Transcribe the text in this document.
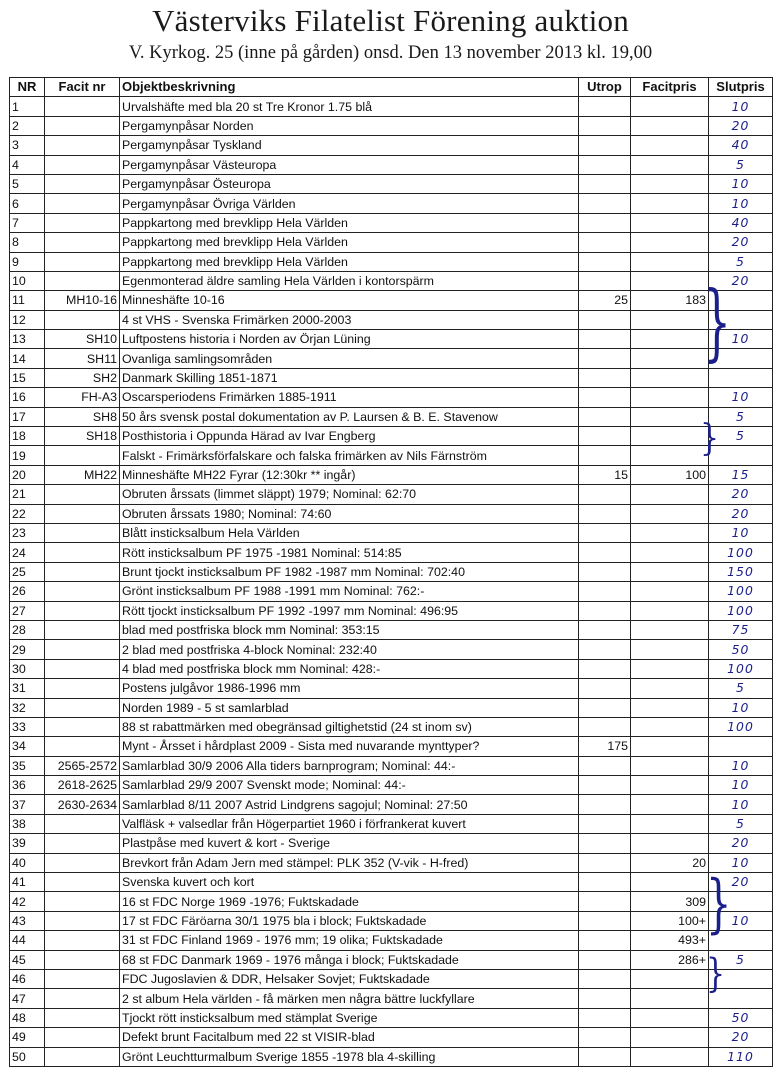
Västerviks Filatelist Förening auktion
V. Kyrkog. 25 (inne på gården) onsd. Den 13 november 2013 kl. 19,00
NR	Facit nr	Objektbeskrivning	Utrop	Facitpris	Slutpris
1		Urvalshäfte med bla 20 st Tre Kronor 1.75 blå			10
2		Pergamynpåsar Norden			20
3		Pergamynpåsar Tyskland			40
4		Pergamynpåsar Västeuropa			5
5		Pergamynpåsar Östeuropa			10
6		Pergamynpåsar Övriga Världen			10
7		Pappkartong med brevklipp Hela Världen			40
8		Pappkartong med brevklipp Hela Världen			20
9		Pappkartong med brevklipp Hela Världen			5
10		Egenmonterad äldre samling Hela Världen i kontorspärm			20
11	MH10-16	Minneshäfte 10-16	25	183	
12		4 st VHS - Svenska Frimärken 2000-2003			
13	SH10	Luftpostens historia i Norden av Örjan Lüning			10
14	SH11	Ovanliga samlingsområden			
15	SH2	Danmark Skilling 1851-1871			
16	FH-A3	Oscarsperiodens Frimärken 1885-1911			10
17	SH8	50 års svensk postal dokumentation av P. Laursen & B. E. Stavenow			5
18	SH18	Posthistoria i Oppunda Härad av Ivar Engberg			5
19		Falskt - Frimärksförfalskare och falska frimärken av Nils Färnström			
20	MH22	Minneshäfte MH22 Fyrar (12:30kr ** ingår)	15	100	15
21		Obruten årssats (limmet släppt) 1979; Nominal: 62:70			20
22		Obruten årssats 1980; Nominal: 74:60			20
23		Blått insticksalbum Hela Världen			10
24		Rött insticksalbum PF 1975 -1981 Nominal: 514:85			100
25		Brunt tjockt insticksalbum PF 1982 -1987 mm Nominal: 702:40			150
26		Grönt insticksalbum PF 1988 -1991 mm Nominal: 762:-			100
27		Rött tjockt insticksalbum PF 1992 -1997 mm Nominal: 496:95			100
28		blad med postfriska block mm Nominal: 353:15			75
29		2 blad med postfriska 4-block Nominal: 232:40			50
30		4 blad med postfriska block mm Nominal: 428:-			100
31		Postens julgåvor 1986-1996 mm			5
32		Norden 1989 - 5 st samlarblad			10
33		88 st rabattmärken med obegränsad giltighetstid (24 st inom sv)			100
34		Mynt - Årsset i hårdplast 2009 - Sista med nuvarande mynttyper?	175		
35	2565-2572	Samlarblad 30/9 2006 Alla tiders barnprogram; Nominal: 44:-			10
36	2618-2625	Samlarblad 29/9 2007 Svenskt mode; Nominal: 44:-			10
37	2630-2634	Samlarblad 8/11 2007 Astrid Lindgrens sagojul; Nominal: 27:50			10
38		Valfläsk + valsedlar från Högerpartiet 1960 i förfrankerat kuvert			5
39		Plastpåse med kuvert & kort - Sverige			20
40		Brevkort från Adam Jern med stämpel: PLK 352 (V-vik - H-fred)		20	10
41		Svenska kuvert och kort			20
42		16 st FDC Norge 1969 -1976; Fuktskadade		309	
43		17 st FDC Färöarna 30/1 1975 bla i block; Fuktskadade		100+	10
44		31 st FDC Finland 1969 - 1976 mm; 19 olika; Fuktskadade		493+	
45		68 st FDC Danmark 1969 - 1976 många i block; Fuktskadade		286+	5
46		FDC Jugoslavien & DDR, Helsaker Sovjet; Fuktskadade			
47		2 st album Hela världen - få märken men några bättre luckfyllare			
48		Tjockt rött insticksalbum med stämplat Sverige			50
49		Defekt brunt Facitalbum med 22 st VISIR-blad			20
50		Grönt Leuchtturmalbum Sverige 1855 -1978 bla 4-skilling			110
}
}
}
}
